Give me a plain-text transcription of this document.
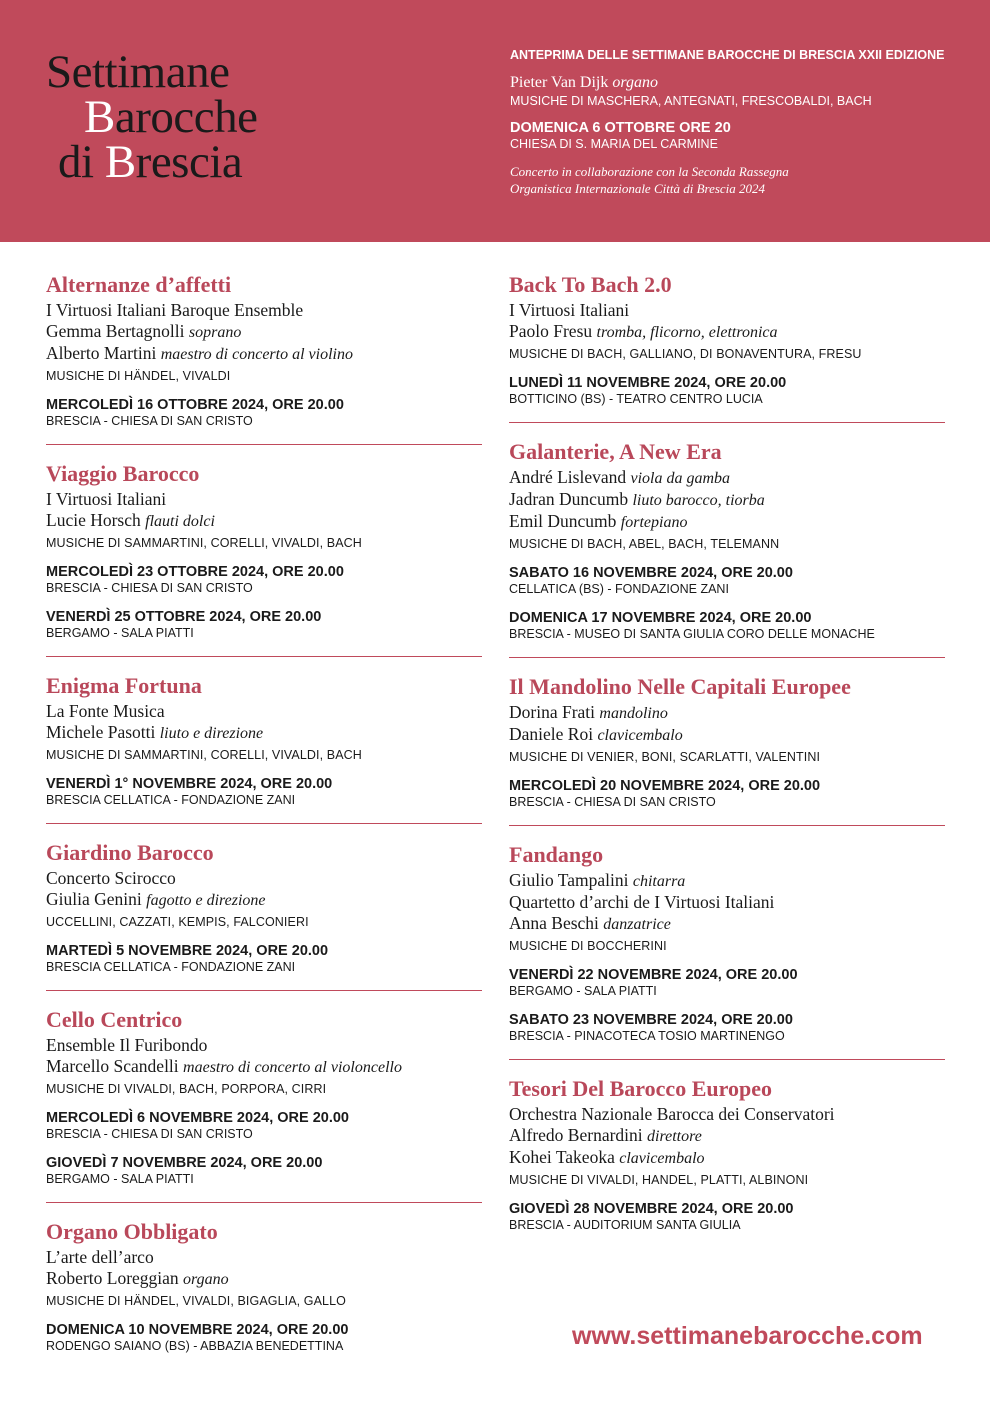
Settimane
Barocche
di Brescia
ANTEPRIMA DELLE SETTIMANE BAROCCHE DI BRESCIA XXII EDIZIONE
Pieter Van Dijk organo
MUSICHE DI MASCHERA, ANTEGNATI, FRESCOBALDI, BACH
DOMENICA 6 OTTOBRE ORE 20
CHIESA DI S. MARIA DEL CARMINE
Concerto in collaborazione con la Seconda Rassegna
Organistica Internazionale Città di Brescia 2024
Alternanze d’affetti
I Virtuosi Italiani Baroque Ensemble
Gemma Bertagnolli soprano
Alberto Martini maestro di concerto al violino
MUSICHE DI HÄNDEL, VIVALDI
MERCOLEDÌ 16 OTTOBRE 2024, ORE 20.00
BRESCIA - CHIESA DI SAN CRISTO
Viaggio Barocco
I Virtuosi Italiani
Lucie Horsch flauti dolci
MUSICHE DI SAMMARTINI, CORELLI, VIVALDI, BACH
MERCOLEDÌ 23 OTTOBRE 2024, ORE 20.00
BRESCIA - CHIESA DI SAN CRISTO
VENERDÌ 25 OTTOBRE 2024, ORE 20.00
BERGAMO - SALA PIATTI
Enigma Fortuna
La Fonte Musica
Michele Pasotti liuto e direzione
MUSICHE DI SAMMARTINI, CORELLI, VIVALDI, BACH
VENERDÌ 1° NOVEMBRE 2024, ORE 20.00
BRESCIA CELLATICA - FONDAZIONE ZANI
Giardino Barocco
Concerto Scirocco
Giulia Genini fagotto e direzione
UCCELLINI, CAZZATI, KEMPIS, FALCONIERI
MARTEDÌ 5 NOVEMBRE 2024, ORE 20.00
BRESCIA CELLATICA - FONDAZIONE ZANI
Cello Centrico
Ensemble Il Furibondo
Marcello Scandelli maestro di concerto al violoncello
MUSICHE DI VIVALDI, BACH, PORPORA, CIRRI
MERCOLEDÌ 6 NOVEMBRE 2024, ORE 20.00
BRESCIA - CHIESA DI SAN CRISTO
GIOVEDÌ 7 NOVEMBRE 2024, ORE 20.00
BERGAMO - SALA PIATTI
Organo Obbligato
L’arte dell’arco
Roberto Loreggian organo
MUSICHE DI HÄNDEL, VIVALDI, BIGAGLIA, GALLO
DOMENICA 10 NOVEMBRE 2024, ORE 20.00
RODENGO SAIANO (BS) - ABBAZIA BENEDETTINA
Back To Bach 2.0
I Virtuosi Italiani
Paolo Fresu tromba, flicorno, elettronica
MUSICHE DI BACH, GALLIANO, DI BONAVENTURA, FRESU
LUNEDÌ 11 NOVEMBRE 2024, ORE 20.00
BOTTICINO (BS) - TEATRO CENTRO LUCIA
Galanterie, A New Era
André Lislevand viola da gamba
Jadran Duncumb liuto barocco, tiorba
Emil Duncumb fortepiano
MUSICHE DI BACH, ABEL, BACH, TELEMANN
SABATO 16 NOVEMBRE 2024, ORE 20.00
CELLATICA (BS) - FONDAZIONE ZANI
DOMENICA 17 NOVEMBRE 2024, ORE 20.00
BRESCIA - MUSEO DI SANTA GIULIA CORO DELLE MONACHE
Il Mandolino Nelle Capitali Europee
Dorina Frati mandolino
Daniele Roi clavicembalo
MUSICHE DI VENIER, BONI, SCARLATTI, VALENTINI
MERCOLEDÌ 20 NOVEMBRE 2024, ORE 20.00
BRESCIA - CHIESA DI SAN CRISTO
Fandango
Giulio Tampalini chitarra
Quartetto d’archi de I Virtuosi Italiani
Anna Beschi danzatrice
MUSICHE DI BOCCHERINI
VENERDÌ 22 NOVEMBRE 2024, ORE 20.00
BERGAMO - SALA PIATTI
SABATO 23 NOVEMBRE 2024, ORE 20.00
BRESCIA - PINACOTECA TOSIO MARTINENGO
Tesori Del Barocco Europeo
Orchestra Nazionale Barocca dei Conservatori
Alfredo Bernardini direttore
Kohei Takeoka clavicembalo
MUSICHE DI VIVALDI, HANDEL, PLATTI, ALBINONI
GIOVEDÌ 28 NOVEMBRE 2024, ORE 20.00
BRESCIA - AUDITORIUM SANTA GIULIA
www.settimanebarocche.com
